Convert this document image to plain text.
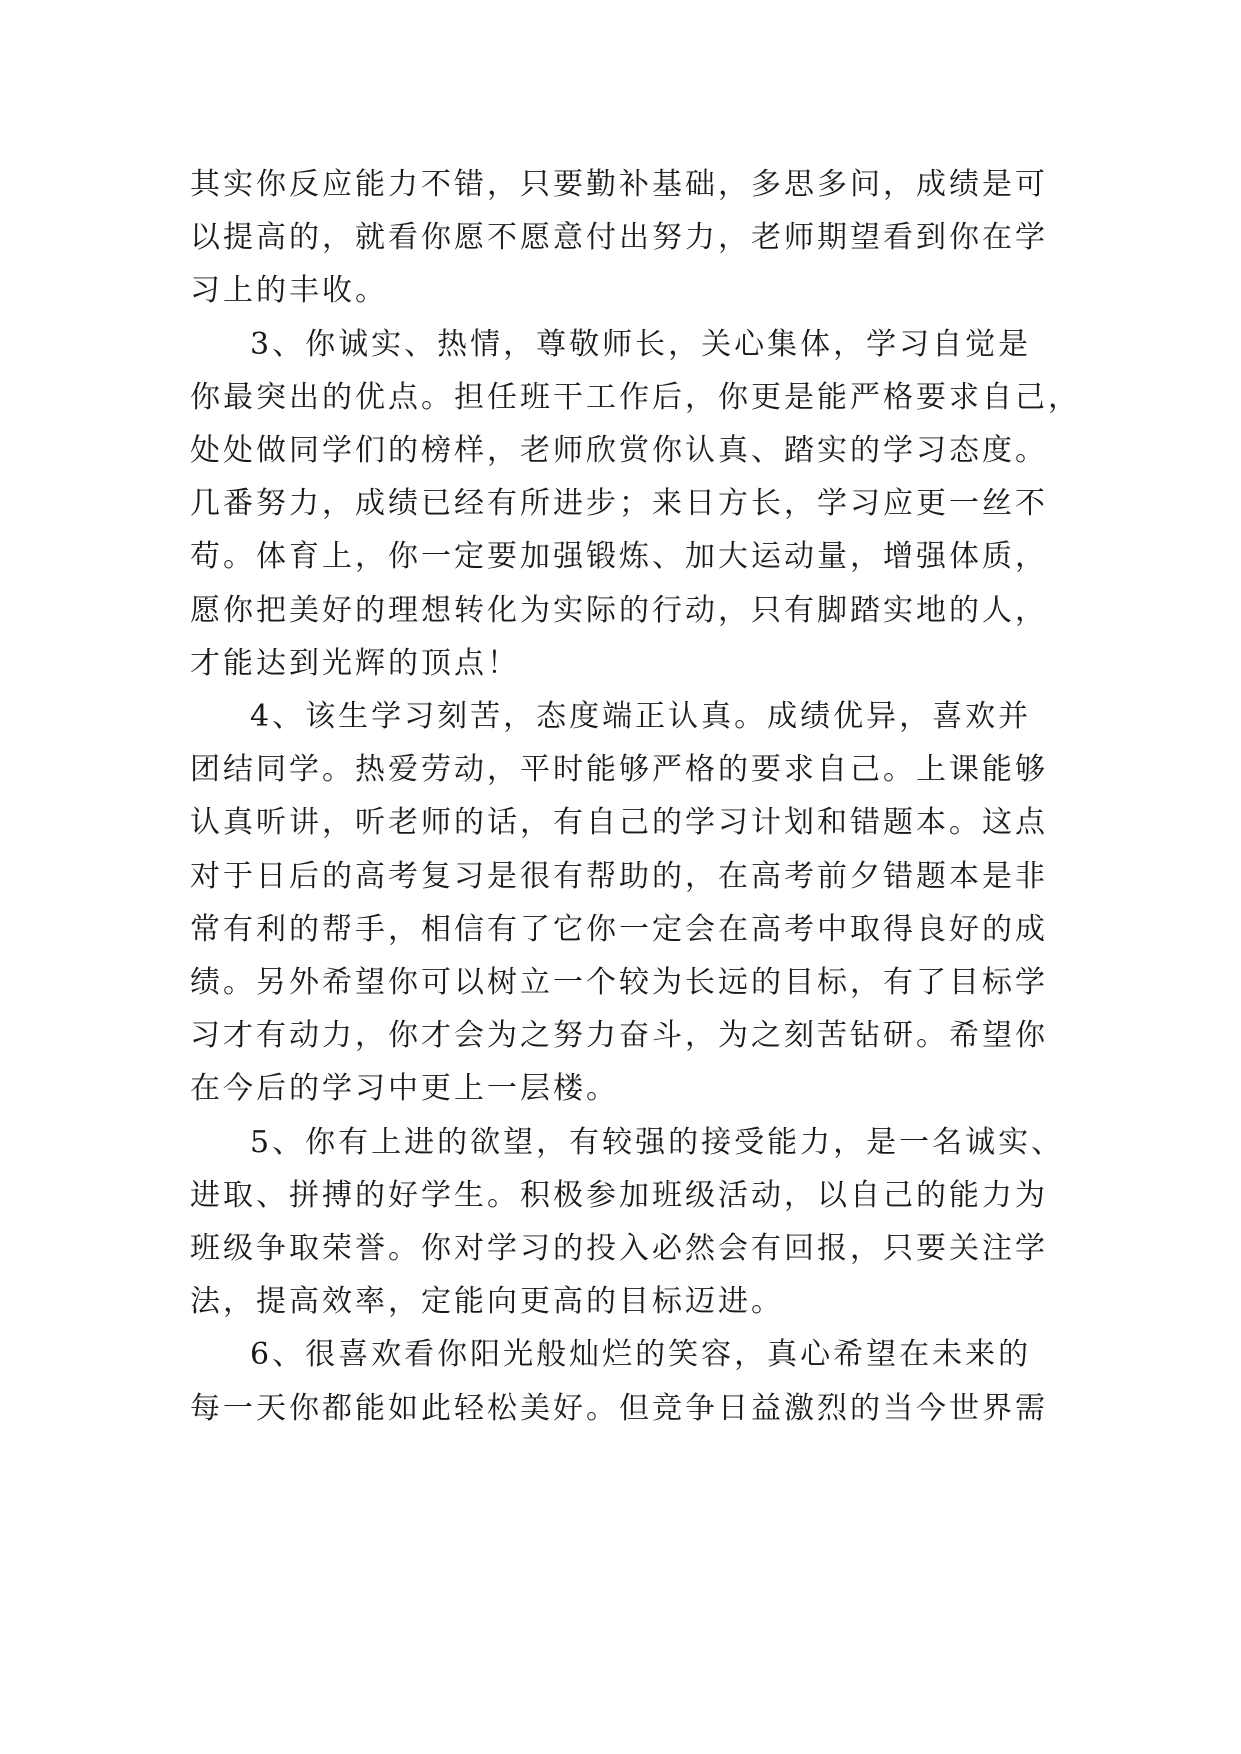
其实你反应能力不错，只要勤补基础，多思多问，成绩是可
以提高的，就看你愿不愿意付出努力，老师期望看到你在学
习上的丰收。
3、你诚实、热情，尊敬师长，关心集体，学习自觉是
你最突出的优点。担任班干工作后，你更是能严格要求自己，
处处做同学们的榜样，老师欣赏你认真、踏实的学习态度。
几番努力，成绩已经有所进步；来日方长，学习应更一丝不
苟。体育上，你一定要加强锻炼、加大运动量，增强体质，
愿你把美好的理想转化为实际的行动，只有脚踏实地的人，
才能达到光辉的顶点！
4、该生学习刻苦，态度端正认真。成绩优异，喜欢并
团结同学。热爱劳动，平时能够严格的要求自己。上课能够
认真听讲，听老师的话，有自己的学习计划和错题本。这点
对于日后的高考复习是很有帮助的，在高考前夕错题本是非
常有利的帮手，相信有了它你一定会在高考中取得良好的成
绩。另外希望你可以树立一个较为长远的目标，有了目标学
习才有动力，你才会为之努力奋斗，为之刻苦钻研。希望你
在今后的学习中更上一层楼。
5、你有上进的欲望，有较强的接受能力，是一名诚实、
进取、拼搏的好学生。积极参加班级活动，以自己的能力为
班级争取荣誉。你对学习的投入必然会有回报，只要关注学
法，提高效率，定能向更高的目标迈进。
6、很喜欢看你阳光般灿烂的笑容，真心希望在未来的
每一天你都能如此轻松美好。但竞争日益激烈的当今世界需
